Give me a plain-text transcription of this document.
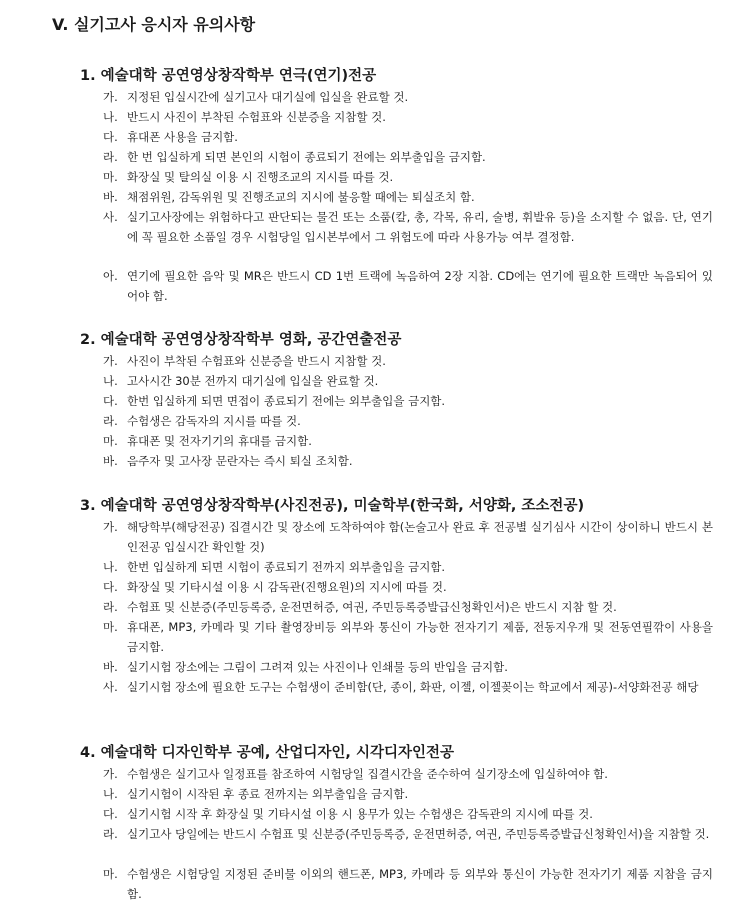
V. 실기고사 응시자 유의사항
1. 예술대학 공연영상창작학부 연극(연기)전공
가. 지정된 입실시간에 실기고사 대기실에 입실을 완료할 것.
나. 반드시 사진이 부착된 수험표와 신분증을 지참할 것.
다. 휴대폰 사용을 금지함.
라. 한 번 입실하게 되면 본인의 시험이 종료되기 전에는 외부출입을 금지함.
마. 화장실 및 탈의실 이용 시 진행조교의 지시를 따를 것.
바. 채점위원, 감독위원 및 진행조교의 지시에 불응할 때에는 퇴실조치 함.
사. 실기고사장에는 위험하다고 판단되는 물건 또는 소품(칼, 총, 각목, 유리, 술병, 휘발유 등)을 소지할 수 없음. 단, 연기에 꼭 필요한 소품일 경우 시험당일 입시본부에서 그 위험도에 따라 사용가능 여부 결정함.
아. 연기에 필요한 음악 및 MR은 반드시 CD 1번 트랙에 녹음하여 2장 지참. CD에는 연기에 필요한 트랙만 녹음되어 있어야 함.
2. 예술대학 공연영상창작학부 영화, 공간연출전공
가. 사진이 부착된 수험표와 신분증을 반드시 지참할 것.
나. 고사시간 30분 전까지 대기실에 입실을 완료할 것.
다. 한번 입실하게 되면 면접이 종료되기 전에는 외부출입을 금지함.
라. 수험생은 감독자의 지시를 따를 것.
마. 휴대폰 및 전자기기의 휴대를 금지함.
바. 음주자 및 고사장 문란자는 즉시 퇴실 조치함.
3. 예술대학 공연영상창작학부(사진전공), 미술학부(한국화, 서양화, 조소전공)
가. 해당학부(해당전공) 집결시간 및 장소에 도착하여야 함(논술고사 완료 후 전공별 실기심사 시간이 상이하니 반드시 본인전공 입실시간 확인할 것)
나. 한번 입실하게 되면 시험이 종료되기 전까지 외부출입을 금지함.
다. 화장실 및 기타시설 이용 시 감독관(진행요원)의 지시에 따를 것.
라. 수험표 및 신분증(주민등록증, 운전면허증, 여권, 주민등록증발급신청확인서)은 반드시 지참 할 것.
마. 휴대폰, MP3, 카메라 및 기타 촬영장비등 외부와 통신이 가능한 전자기기 제품, 전동지우개 및 전동연필깎이 사용을 금지함.
바. 실기시험 장소에는 그림이 그려져 있는 사진이나 인쇄물 등의 반입을 금지함.
사. 실기시험 장소에 필요한 도구는 수험생이 준비함(단, 종이, 화판, 이젤, 이젤꽂이는 학교에서 제공)-서양화전공 해당
4. 예술대학 디자인학부 공예, 산업디자인, 시각디자인전공
가. 수험생은 실기고사 일정표를 참조하여 시험당일 집결시간을 준수하여 실기장소에 입실하여야 함.
나. 실기시험이 시작된 후 종료 전까지는 외부출입을 금지함.
다. 실기시험 시작 후 화장실 및 기타시설 이용 시 용무가 있는 수험생은 감독관의 지시에 따를 것.
라. 실기고사 당일에는 반드시 수험표 및 신분증(주민등록증, 운전면허증, 여권, 주민등록증발급신청확인서)을 지참할 것.
마. 수험생은 시험당일 지정된 준비물 이외의 핸드폰, MP3, 카메라 등 외부와 통신이 가능한 전자기기 제품 지참을 금지함.
